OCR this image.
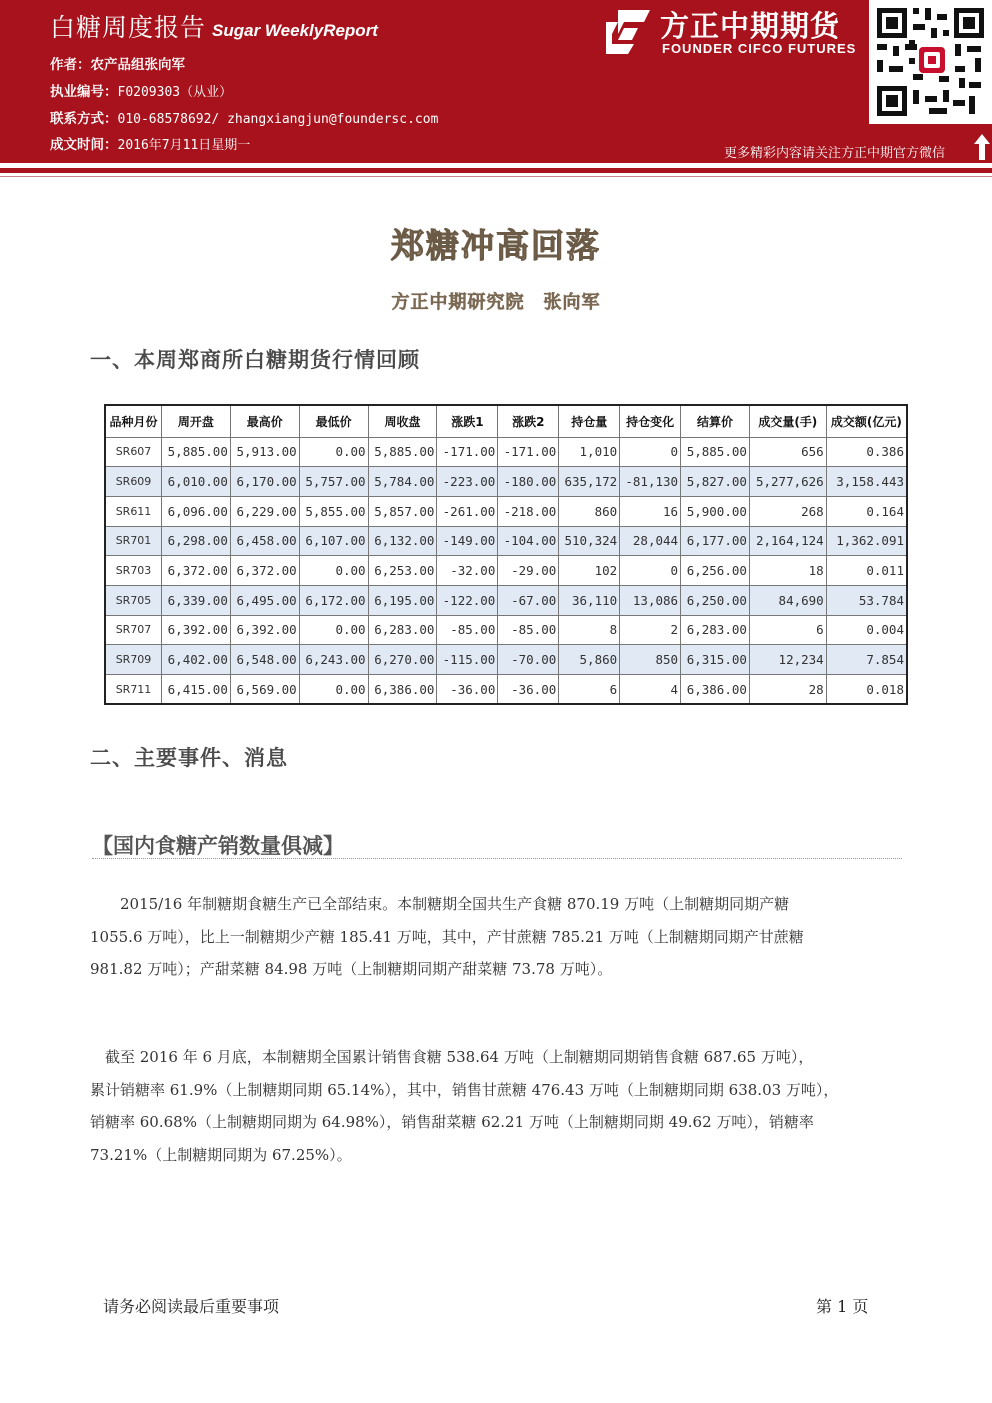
白糖周度报告 Sugar WeeklyReport
作者：农产品组张向军
执业编号：F0209303（从业）
联系方式：010-68578692/ zhangxiangjun@foundersc.com
成文时间：2016年7月11日星期一
方正中期期货
FOUNDER CIFCO FUTURES
更多精彩内容请关注方正中期官方微信
郑糖冲高回落
方正中期研究院　张向军
一、本周郑商所白糖期货行情回顾
品种月份	周开盘	最高价	最低价	周收盘	涨跌1	涨跌2	持仓量	持仓变化	结算价	成交量(手)	成交额(亿元)
SR607	5,885.00	5,913.00	0.00	5,885.00	-171.00	-171.00	1,010	0	5,885.00	656	0.386
SR609	6,010.00	6,170.00	5,757.00	5,784.00	-223.00	-180.00	635,172	-81,130	5,827.00	5,277,626	3,158.443
SR611	6,096.00	6,229.00	5,855.00	5,857.00	-261.00	-218.00	860	16	5,900.00	268	0.164
SR701	6,298.00	6,458.00	6,107.00	6,132.00	-149.00	-104.00	510,324	28,044	6,177.00	2,164,124	1,362.091
SR703	6,372.00	6,372.00	0.00	6,253.00	-32.00	-29.00	102	0	6,256.00	18	0.011
SR705	6,339.00	6,495.00	6,172.00	6,195.00	-122.00	-67.00	36,110	13,086	6,250.00	84,690	53.784
SR707	6,392.00	6,392.00	0.00	6,283.00	-85.00	-85.00	8	2	6,283.00	6	0.004
SR709	6,402.00	6,548.00	6,243.00	6,270.00	-115.00	-70.00	5,860	850	6,315.00	12,234	7.854
SR711	6,415.00	6,569.00	0.00	6,386.00	-36.00	-36.00	6	4	6,386.00	28	0.018
二、主要事件、消息
【国内食糖产销数量俱减】
　　2015/16 年制糖期食糖生产已全部结束。本制糖期全国共生产食糖 870.19 万吨（上制糖期同期产糖
1055.6 万吨），比上一制糖期少产糖 185.41 万吨，其中，产甘蔗糖 785.21 万吨（上制糖期同期产甘蔗糖
981.82 万吨）；产甜菜糖 84.98 万吨（上制糖期同期产甜菜糖 73.78 万吨）。
　截至 2016 年 6 月底，本制糖期全国累计销售食糖 538.64 万吨（上制糖期同期销售食糖 687.65 万吨），
累计销糖率 61.9%（上制糖期同期 65.14%），其中，销售甘蔗糖 476.43 万吨（上制糖期同期 638.03 万吨），
销糖率 60.68%（上制糖期同期为 64.98%），销售甜菜糖 62.21 万吨（上制糖期同期 49.62 万吨），销糖率
73.21%（上制糖期同期为 67.25%）。
请务必阅读最后重要事项	第 1 页
